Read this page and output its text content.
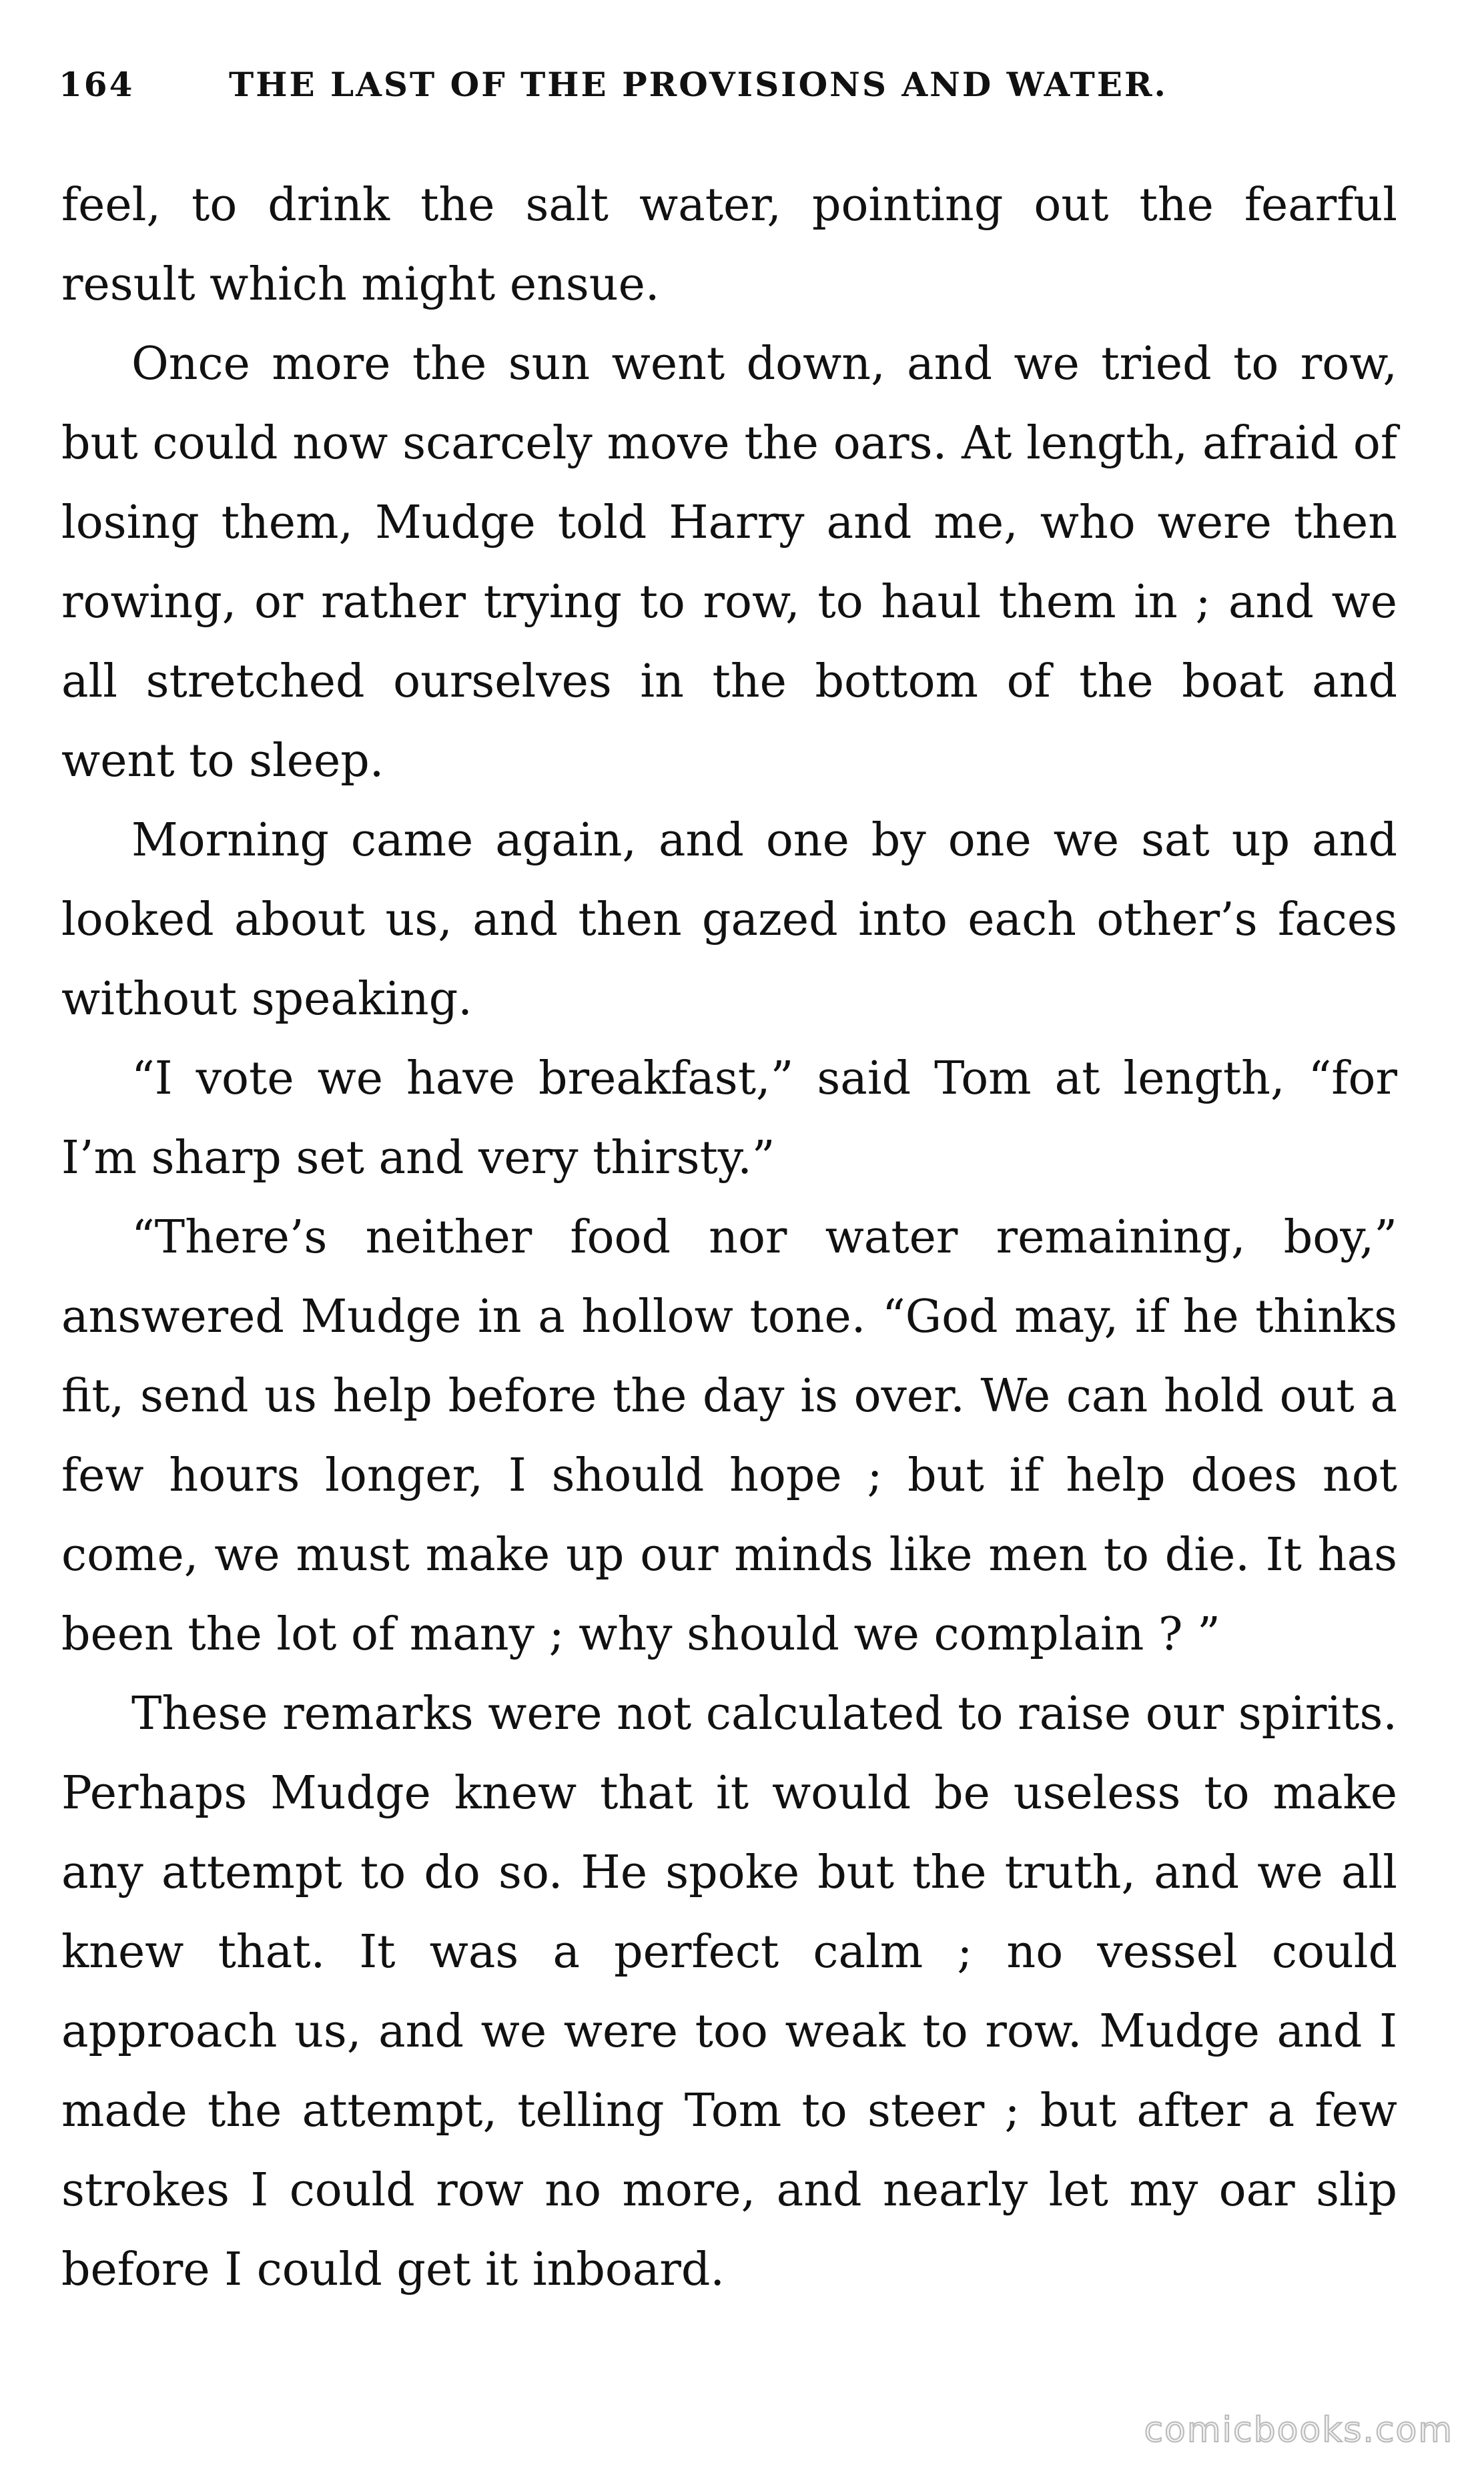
164	THE LAST OF THE PROVISIONS AND WATER.

feel, to drink the salt water, pointing out the fearful result which might ensue.

Once more the sun went down, and we tried to row, but could now scarcely move the oars. At length, afraid of losing them, Mudge told Harry and me, who were then rowing, or rather trying to row, to haul them in ; and we all stretched ourselves in the bottom of the boat and went to sleep.

Morning came again, and one by one we sat up and looked about us, and then gazed into each other’s faces without speaking.

“I vote we have breakfast,” said Tom at length, “for I’m sharp set and very thirsty.”

“There’s neither food nor water remaining, boy,” answered Mudge in a hollow tone. “God may, if he thinks fit, send us help before the day is over. We can hold out a few hours longer, I should hope ; but if help does not come, we must make up our minds like men to die. It has been the lot of many ; why should we complain ? ”

These remarks were not calculated to raise our spirits. Perhaps Mudge knew that it would be useless to make any attempt to do so. He spoke but the truth, and we all knew that. It was a perfect calm ; no vessel could approach us, and we were too weak to row. Mudge and I made the attempt, telling Tom to steer ; but after a few strokes I could row no more, and nearly let my oar slip before I could get it inboard.

comicbooks.com
